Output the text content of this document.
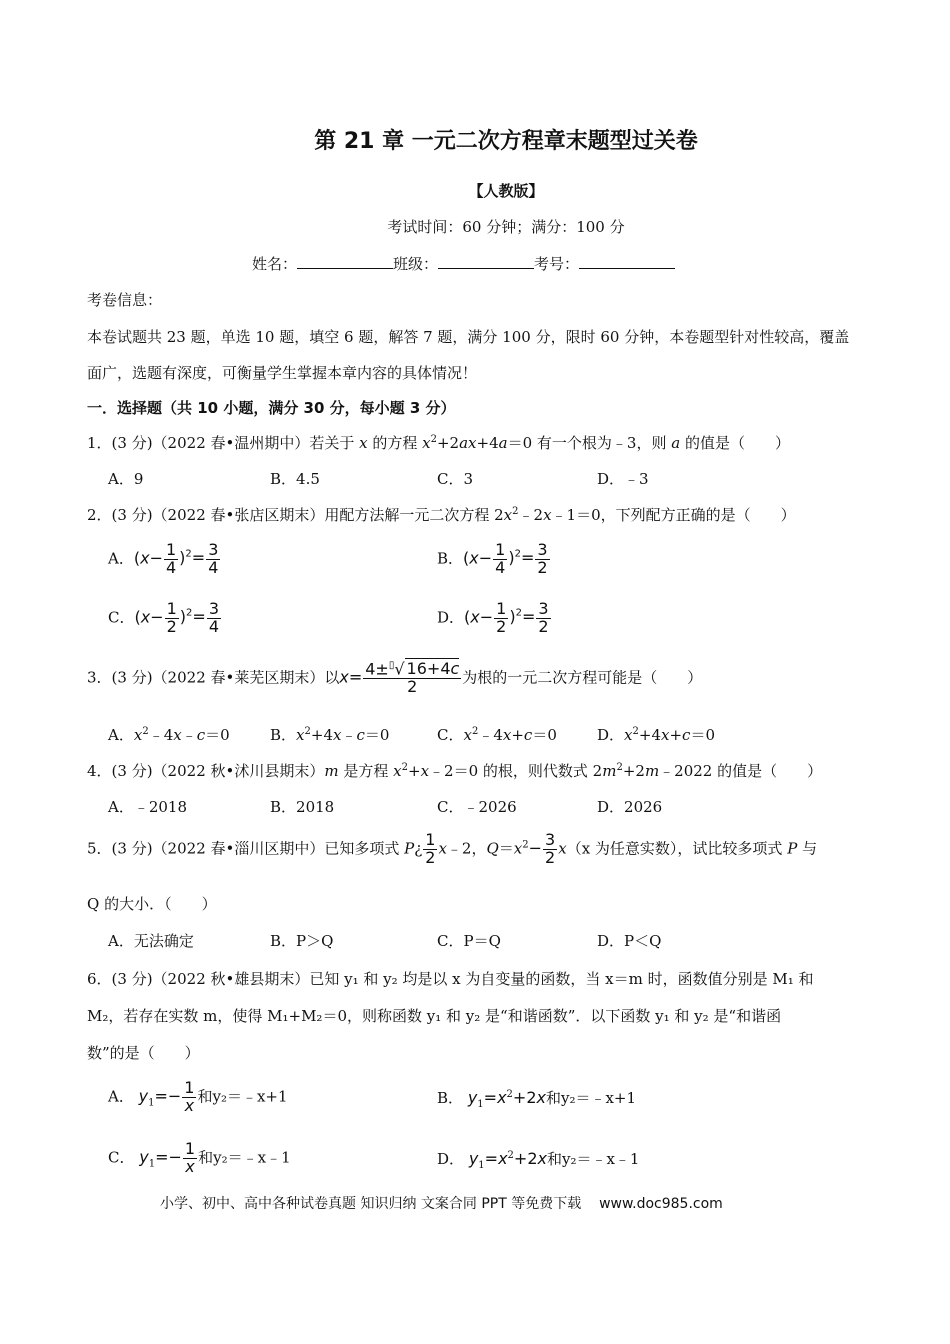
第 21 章 一元二次方程章末题型过关卷
【人教版】
考试时间：60 分钟；满分：100 分
姓名：	班级：	考号：
考卷信息：
本卷试题共 23 题，单选 10 题，填空 6 题，解答 7 题，满分 100 分，限时 60 分钟，本卷题型针对性较高，覆盖
面广，选题有深度，可衡量学生掌握本章内容的具体情况！
一．选择题（共 10 小题，满分 30 分，每小题 3 分）
1．(3 分)（2022 春•温州期中）若关于 x 的方程 $x^2+2ax+4a=0$ 有一个根为﹣3，则 a 的值是（　　）
A．9	B．4.5	C．3	D．﹣3
2．(3 分)（2022 春•张店区期末）用配方法解一元二次方程 $2x^2﹣2x﹣1=0$，下列配方正确的是（　　）
A．$(x- \frac{1}{4} )^2= \frac{3}{4}$	B．$(x- \frac{1}{4} )^2= \frac{3}{2}$
C．$(x- \frac{1}{2} )^2= \frac{3}{4}$	D．$(x- \frac{1}{2} )^2= \frac{3}{2}$
3．(3 分)（2022 春•莱芜区期末）以$x= \frac{4\pm^▯√ 16+4c}{2}$ 为根的一元二次方程可能是（　　）
A．$x^2﹣4x﹣c=0$	B．$x^2+4x﹣c=0$	C．$x^2﹣4x+c=0$	D．$x^2+4x+c=0$
4．(3 分)（2022 秋•沭川县期末）m 是方程 $x^2+x﹣2=0$ 的根，则代数式 $2m^2+2m﹣2022$ 的值是（　　）
A．﹣2018	B．2018	C．﹣2026	D．2026
5．(3 分)（2022 春•淄川区期中）已知多项式 P¿ $\frac{1}{2}$ x﹣2，$Q=x^2- \frac{3}{2} x(x$ 为任意实数），试比较多项式 P 与
Q 的大小．（　　）
A．无法确定	B．P＞Q	C．P＝Q	D．P＜Q
6．(3 分)（2022 秋•雄县期末）已知 y₁ 和 y₂ 均是以 x 为自变量的函数，当 x＝m 时，函数值分别是 M₁ 和
M₂，若存在实数 m，使得 M₁+M₂＝0，则称函数 y₁ 和 y₂ 是“和谐函数”．以下函数 y₁ 和 y₂ 是“和谐函
数”的是（　　）
A． $y_1=- \frac{1}{x}$ 和y₂＝﹣x+1	B． $y_1=x^2+2x$和y₂＝﹣x+1
C． $y_1=- \frac{1}{x}$ 和y₂＝﹣x﹣1	D． $y_1=x^2+2x$和y₂＝﹣x﹣1
小学、初中、高中各种试卷真题 知识归纳 文案合同 PPT 等免费下载 www.doc985.com
